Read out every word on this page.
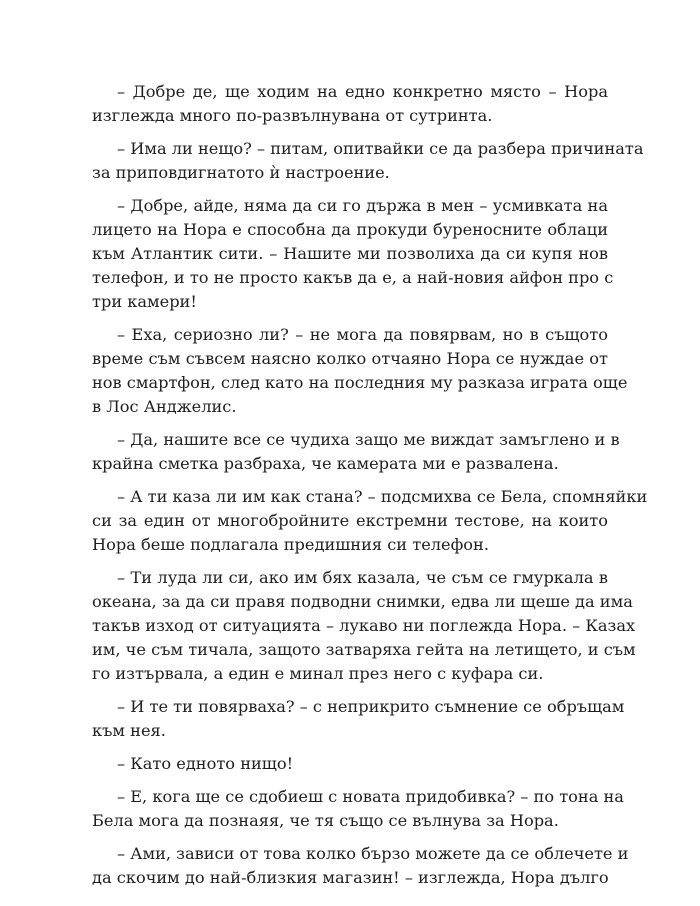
– Добре де, ще ходим на едно конкретно място – Нора
изглежда много по-развълнувана от сутринта.
– Има ли нещо? – питам, опитвайки се да разбера причината
за приповдигнатото ѝ настроение.
– Добре, айде, няма да си го държа в мен – усмивката на
лицето на Нора е способна да прокуди буреносните облаци
към Атлантик сити. – Нашите ми позволиха да си купя нов
телефон, и то не просто какъв да е, а най-новия айфон про с
три камери!
– Еха, сериозно ли? – не мога да повярвам, но в същото
време съм съвсем наясно колко отчаяно Нора се нуждае от
нов смартфон, след като на последния му разказа играта още
в Лос Анджелис.
– Да, нашите все се чудиха защо ме виждат замъглено и в
крайна сметка разбраха, че камерата ми е развалена.
– А ти каза ли им как стана? – подсмихва се Бела, спомняйки
си за един от многобройните екстремни тестове, на които
Нора беше подлагала предишния си телефон.
– Ти луда ли си, ако им бях казала, че съм се гмуркала в
океана, за да си правя подводни снимки, едва ли щеше да има
такъв изход от ситуацията – лукаво ни поглежда Нора. – Казах
им, че съм тичала, защото затваряха гейта на летището, и съм
го изтървала, а един е минал през него с куфара си.
– И те ти повярваха? – с неприкрито съмнение се обръщам
към нея.
– Като едното нищо!
– Е, кога ще се сдобиеш с новата придобивка? – по тона на
Бела мога да познаяя, че тя също се вълнува за Нора.
– Ами, зависи от това колко бързо можете да се облечете и
да скочим до най-близкия магазин! – изглежда, Нора дълго
